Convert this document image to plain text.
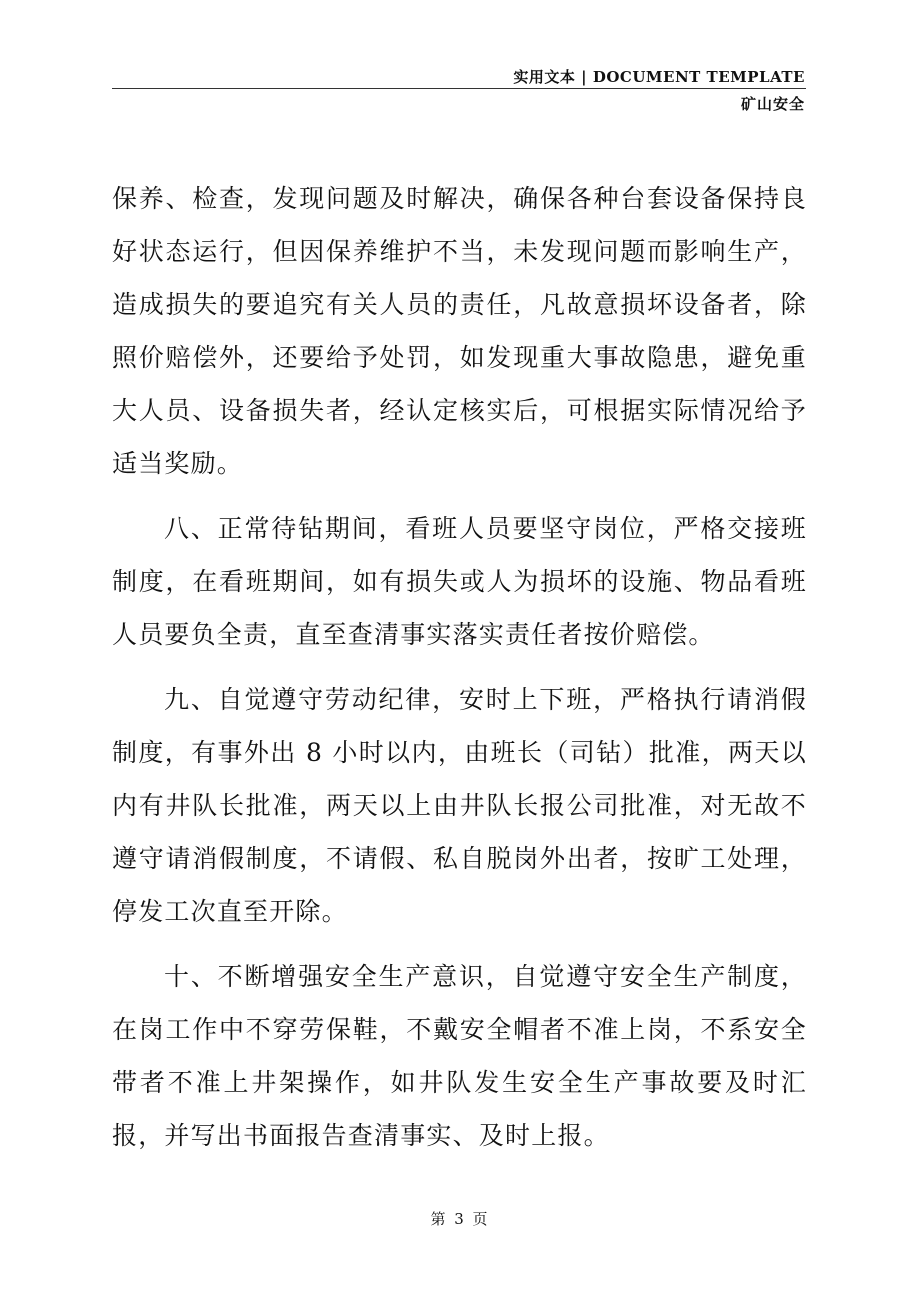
实用文本 | DOCUMENT TEMPLATE
矿山安全

保养、检查，发现问题及时解决，确保各种台套设备保持良好状态运行，但因保养维护不当，未发现问题而影响生产，造成损失的要追究有关人员的责任，凡故意损坏设备者，除照价赔偿外，还要给予处罚，如发现重大事故隐患，避免重大人员、设备损失者，经认定核实后，可根据实际情况给予适当奖励。

八、正常待钻期间，看班人员要坚守岗位，严格交接班制度，在看班期间，如有损失或人为损坏的设施、物品看班人员要负全责，直至查清事实落实责任者按价赔偿。

九、自觉遵守劳动纪律，安时上下班，严格执行请消假制度，有事外出 8 小时以内，由班长（司钻）批准，两天以内有井队长批准，两天以上由井队长报公司批准，对无故不遵守请消假制度，不请假、私自脱岗外出者，按旷工处理，停发工次直至开除。

十、不断增强安全生产意识，自觉遵守安全生产制度，在岗工作中不穿劳保鞋，不戴安全帽者不准上岗，不系安全带者不准上井架操作，如井队发生安全生产事故要及时汇报，并写出书面报告查清事实、及时上报。

第 3 页
